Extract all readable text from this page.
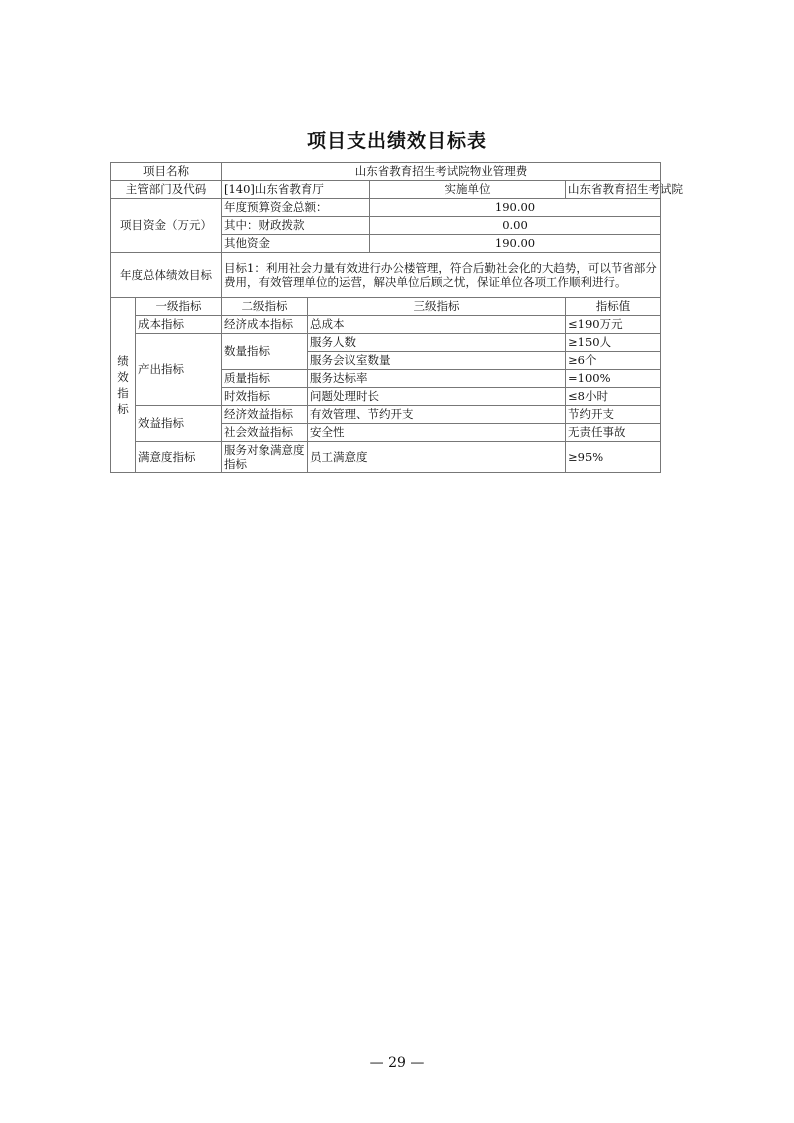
项目支出绩效目标表
项目名称		山东省教育招生考试院物业管理费			
主管部门及代码		[140]山东省教育厅		实施单位	山东省教育招生考试院
项目资金（万元）		年度预算资金总额：		190.00	
		其中：财政拨款		0.00	
		其他资金		190.00	
年度总体绩效目标		目标1：利用社会力量有效进行办公楼管理，符合后勤社会化的大趋势，可以节省部分费用，有效管理单位的运营，解决单位后顾之忧，保证单位各项工作顺利进行。			
绩效指标	一级指标	二级指标	三级指标		指标值
	成本指标	经济成本指标	总成本		≤190万元
	产出指标	数量指标	服务人数		≥150人
			服务会议室数量		≥6个
		质量指标	服务达标率		=100%
		时效指标	问题处理时长		≤8小时
	效益指标	经济效益指标	有效管理、节约开支		节约开支
		社会效益指标	安全性		无责任事故
	满意度指标	服务对象满意度指标	员工满意度		≥95%
— 29 —
